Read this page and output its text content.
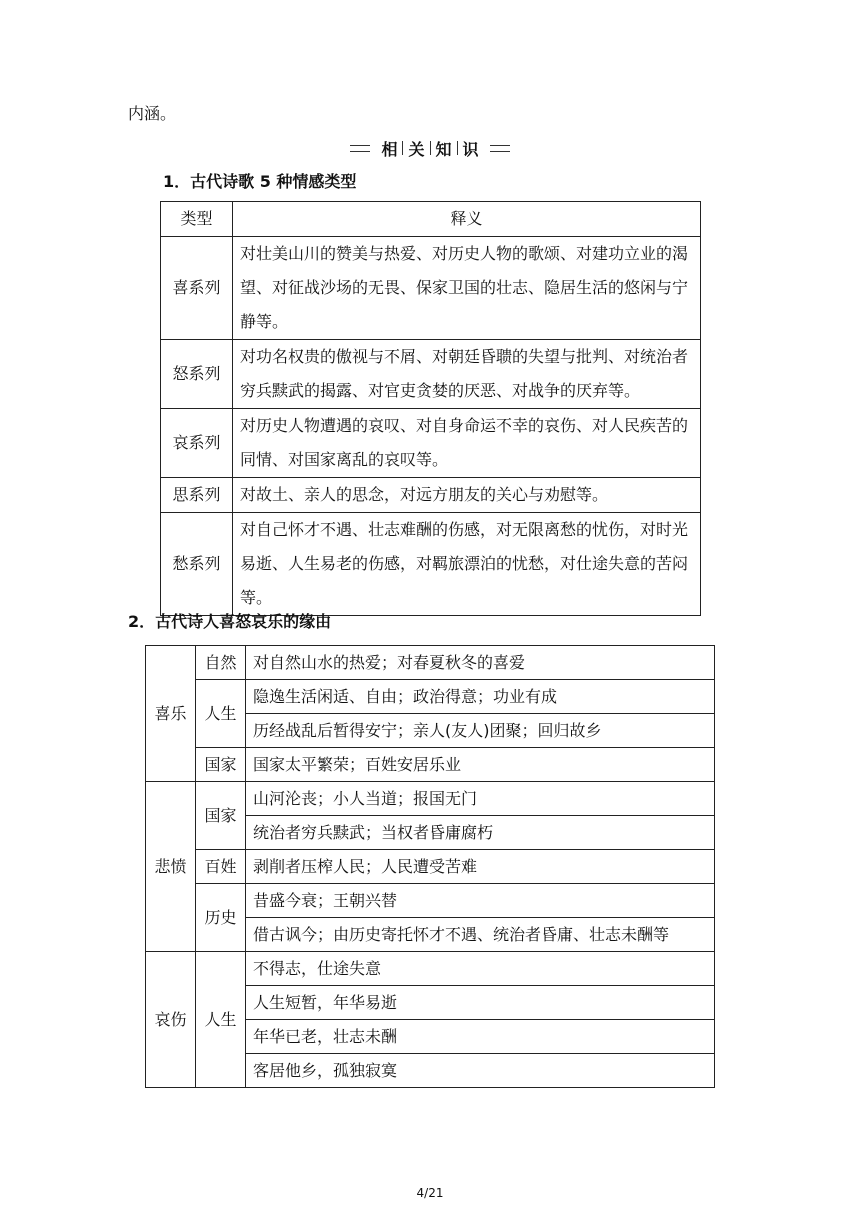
内涵。
相 关 知 识
1．古代诗歌 5 种情感类型
类型	释义
喜系列	对壮美山川的赞美与热爱、对历史人物的歌颂、对建功立业的渴望、对征战沙场的无畏、保家卫国的壮志、隐居生活的悠闲与宁静等。
怒系列	对功名权贵的傲视与不屑、对朝廷昏聩的失望与批判、对统治者穷兵黩武的揭露、对官吏贪婪的厌恶、对战争的厌弃等。
哀系列	对历史人物遭遇的哀叹、对自身命运不幸的哀伤、对人民疾苦的同情、对国家离乱的哀叹等。
思系列	对故土、亲人的思念，对远方朋友的关心与劝慰等。
愁系列	对自己怀才不遇、壮志难酬的伤感，对无限离愁的忧伤，对时光易逝、人生易老的伤感，对羁旅漂泊的忧愁，对仕途失意的苦闷等。
2．古代诗人喜怒哀乐的缘由
喜乐	自然	对自然山水的热爱；对春夏秋冬的喜爱
	人生	隐逸生活闲适、自由；政治得意；功业有成
		历经战乱后暂得安宁；亲人(友人)团聚；回归故乡
	国家	国家太平繁荣；百姓安居乐业
悲愤	国家	山河沦丧；小人当道；报国无门
		统治者穷兵黩武；当权者昏庸腐朽
	百姓	剥削者压榨人民；人民遭受苦难
	历史	昔盛今衰；王朝兴替
		借古讽今；由历史寄托怀才不遇、统治者昏庸、壮志未酬等
哀伤	人生	不得志，仕途失意
		人生短暂，年华易逝
		年华已老，壮志未酬
		客居他乡，孤独寂寞
4/21
